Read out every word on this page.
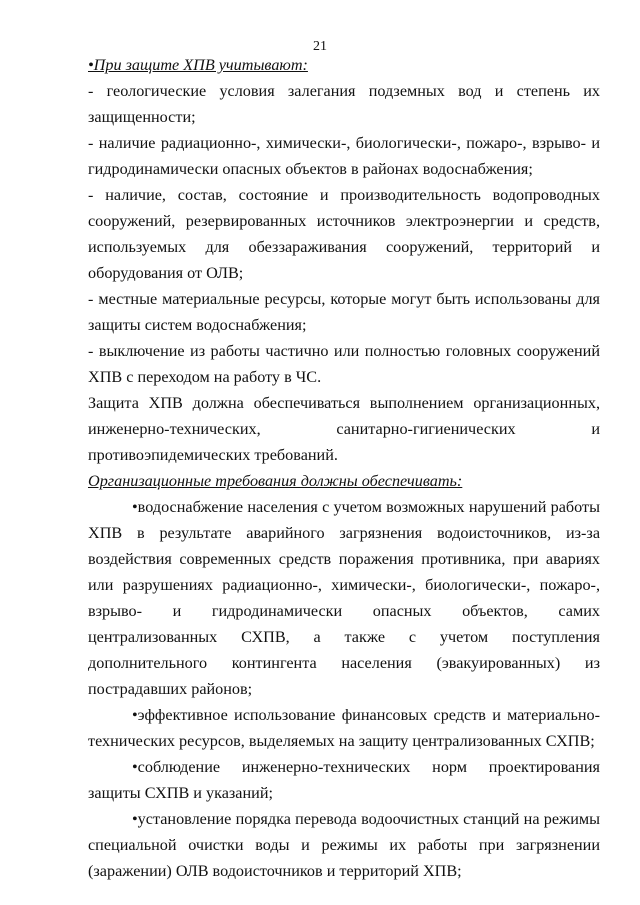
21

•При защите ХПВ учитывают:

- геологические условия залегания подземных вод и степень их защищенности;

- наличие радиационно-, химически-, биологически-, пожаро-, взрыво- и гидродинамически опасных объектов в районах водоснабжения;

- наличие, состав, состояние и производительность водопроводных сооружений, резервированных источников электроэнергии и средств, используемых для обеззараживания сооружений, территорий и оборудования от ОЛВ;

- местные материальные ресурсы, которые могут быть использованы для защиты систем водоснабжения;

- выключение из работы частично или полностью головных сооружений ХПВ с переходом на работу в ЧС.

Защита ХПВ должна обеспечиваться выполнением организационных, инженерно-технических, санитарно-гигиенических и противоэпидемических требований.

Организационные требования должны обеспечивать:

•водоснабжение населения с учетом возможных нарушений работы ХПВ в результате аварийного загрязнения водоисточников, из-за воздействия современных средств поражения противника, при авариях или разрушениях радиационно-, химически-, биологически-, пожаро-, взрыво- и гидродинамически опасных объектов, самих централизованных СХПВ, а также с учетом поступления дополнительного контингента населения (эвакуированных) из пострадавших районов;

•эффективное использование финансовых средств и материально-технических ресурсов, выделяемых на защиту централизованных СХПВ;

•соблюдение инженерно-технических норм проектирования защиты СХПВ и указаний;

•установление порядка перевода водоочистных станций на режимы специальной очистки воды и режимы их работы при загрязнении (заражении) ОЛВ водоисточников и территорий ХПВ;
